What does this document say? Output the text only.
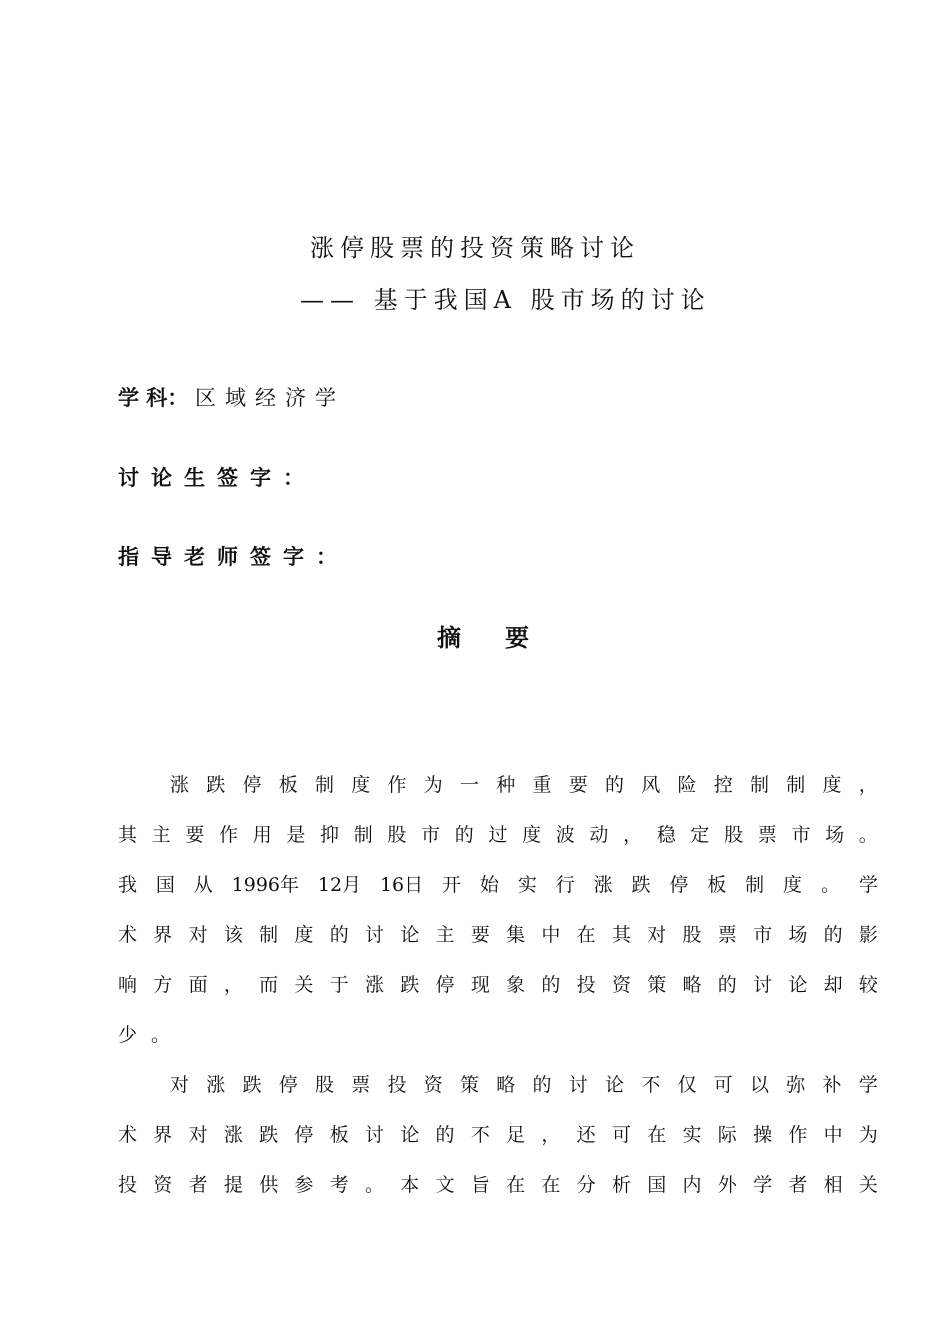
涨停股票的投资策略讨论
—— 基于我国A 股市场的讨论
学 科： 区域经济学
讨论生签字：
指导老师签字：
摘要
涨 跌 停 板 制 度 作 为 一 种 重 要 的 风 险 控 制 制 度 ，
其 主 要 作 用 是 抑 制 股 市 的 过 度 波 动 ， 稳 定 股 票 市 场 。
我 国 从 1996年 12月 16日 开 始 实 行 涨 跌 停 板 制 度 。 学
术 界 对 该 制 度 的 讨 论 主 要 集 中 在 其 对 股 票 市 场 的 影
响 方 面 ， 而 关 于 涨 跌 停 现 象 的 投 资 策 略 的 讨 论 却 较
少 。
对 涨 跌 停 股 票 投 资 策 略 的 讨 论 不 仅 可 以 弥 补 学
术 界 对 涨 跌 停 板 讨 论 的 不 足 ， 还 可 在 实 际 操 作 中 为
投 资 者 提 供 参 考 。 本 文 旨 在 在 分 析 国 内 外 学 者 相 关
